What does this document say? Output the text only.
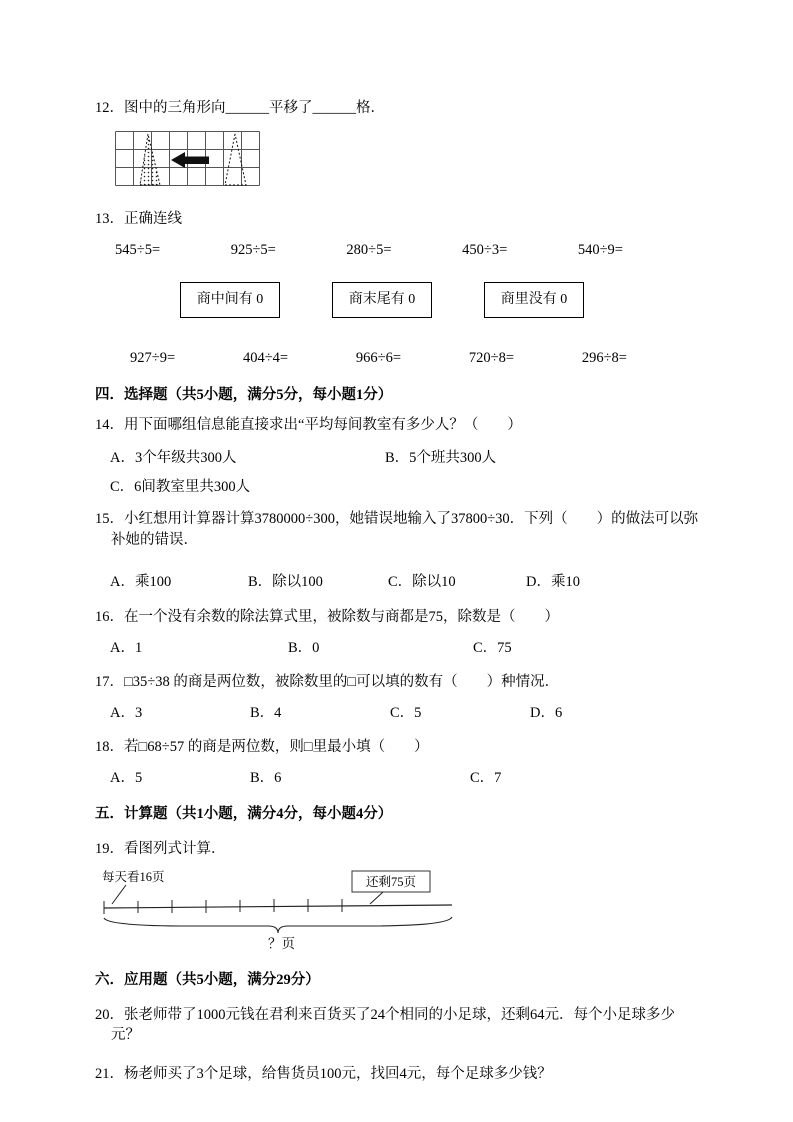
12．图中的三角形向______平移了______格．
13．正确连线
545÷5=	925÷5=	280÷5=	450÷3=	540÷9=
商中间有 0	商末尾有 0	商里没有 0
927÷9=	404÷4=	966÷6=	720÷8=	296÷8=
四．选择题（共5小题，满分5分，每小题1分）
14．用下面哪组信息能直接求出“平均每间教室有多少人？（　　）
A．3个年级共300人	B．5个班共300人
C．6间教室里共300人
15．小红想用计算器计算3780000÷300，她错误地输入了37800÷30．下列（　　）的做法可以弥补她的错误．
A．乘100	B．除以100	C．除以10	D．乘10
16．在一个没有余数的除法算式里，被除数与商都是75，除数是（　　）
A．1	B．0	C．75
17．□35÷38 的商是两位数，被除数里的□可以填的数有（　　）种情况．
A．3	B．4	C．5	D．6
18．若□68÷57 的商是两位数，则□里最小填（　　）
A．5	B．6	C．7
五．计算题（共1小题，满分4分，每小题4分）
19．看图列式计算．
每天看16页	还剩75页
？页
六．应用题（共5小题，满分29分）
20．张老师带了1000元钱在君利来百货买了24个相同的小足球，还剩64元．每个小足球多少元？
21．杨老师买了3个足球，给售货员100元，找回4元，每个足球多少钱？
